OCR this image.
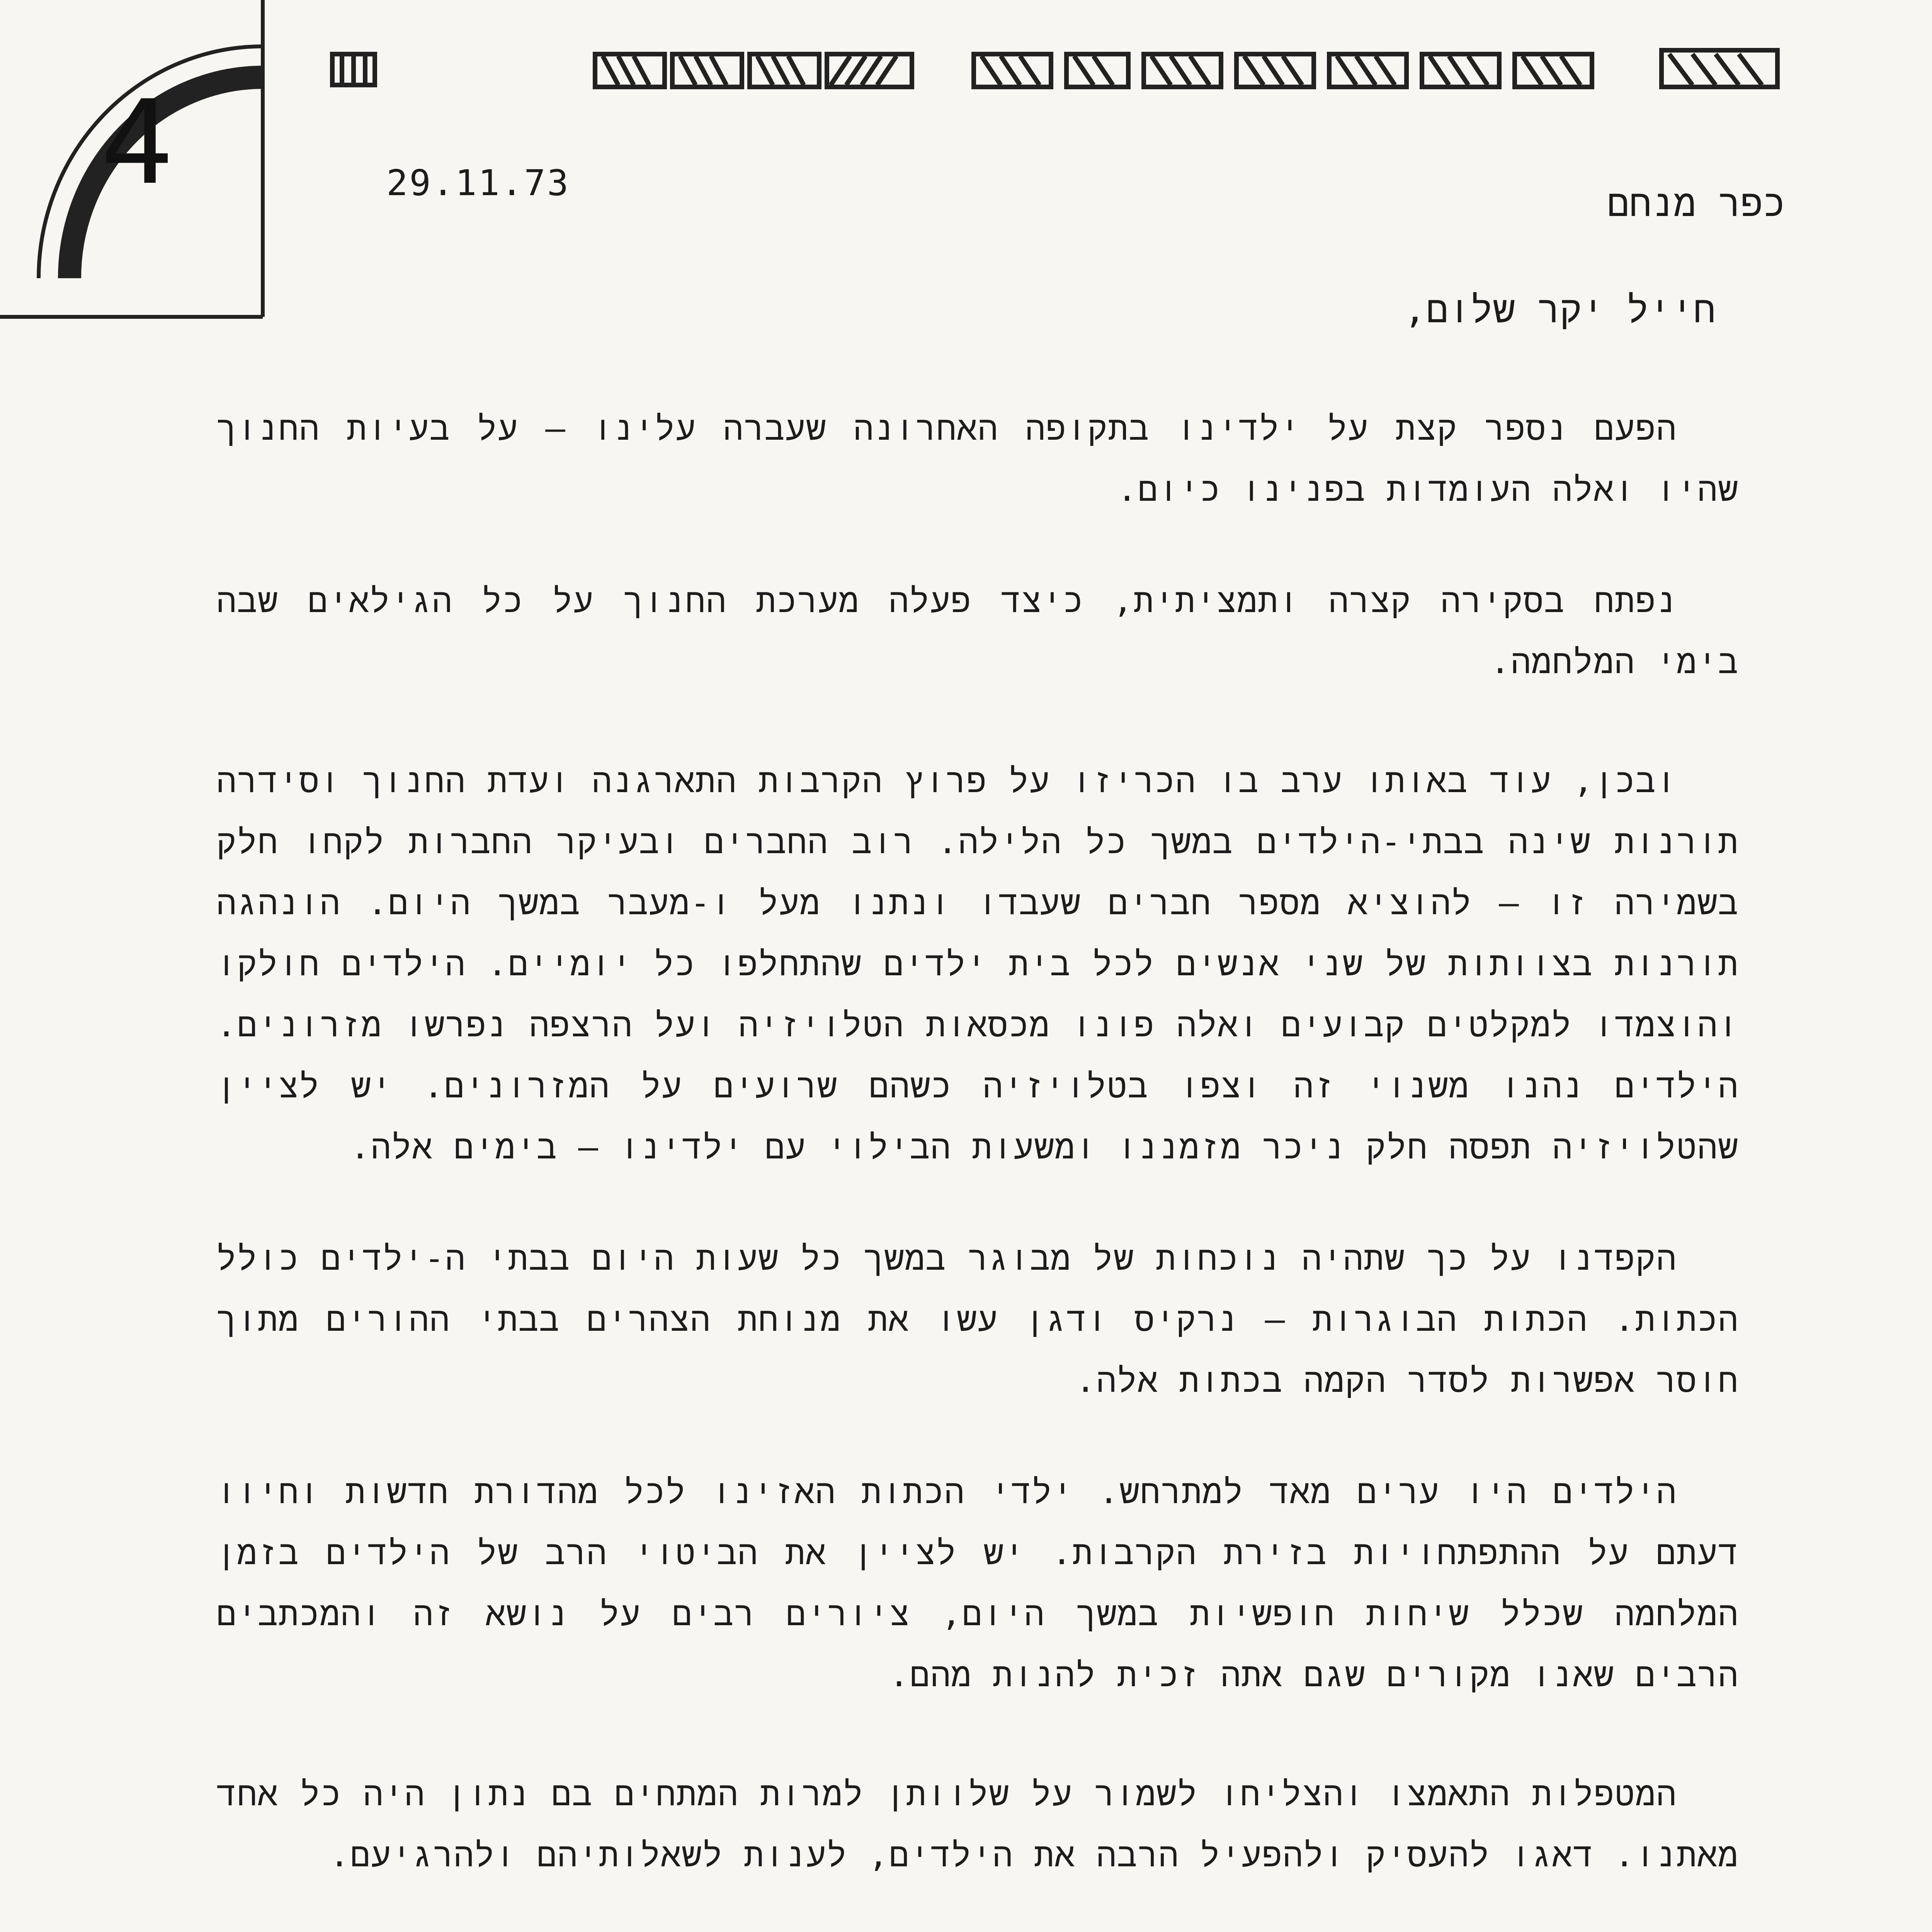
4	29.11.73	כפר מנחם
חייל יקר שלום,

הפעם נספר קצת על ילדינו בתקופה האחרונה שעברה עלינו – על בעיות החנוך שהיו ואלה העומדות בפנינו כיום.

נפתח בסקירה קצרה ותמציתית, כיצד פעלה מערכת החנוך על כל הגילאים שבה בימי המלחמה.

ובכן, עוד באותו ערב בו הכריזו על פרוץ הקרבות התארגנה ועדת החנוך וסידרה תורנות שינה בבתי-הילדים במשך כל הלילה. רוב החברים ובעיקר החברות לקחו חלק בשמירה זו – להוציא מספר חברים שעבדו ונתנו מעל ו-מעבר במשך היום. הונהגה תורנות בצוותות של שני אנשים לכל בית ילדים שהתחלפו כל יומיים. הילדים חולקו והוצמדו למקלטים קבועים ואלה פונו מכסאות הטלויזיה ועל הרצפה נפרשו מזרונים. הילדים נהנו משנוי זה וצפו בטלויזיה כשהם שרועים על המזרונים. יש לציין שהטלויזיה תפסה חלק ניכר מזמננו ומשעות הבילוי עם ילדינו – בימים אלה.

הקפדנו על כך שתהיה נוכחות של מבוגר במשך כל שעות היום בבתי ה-ילדים כולל הכתות. הכתות הבוגרות – נרקיס ודגן עשו את מנוחת הצהרים בבתי ההורים מתוך חוסר אפשרות לסדר הקמה בכתות אלה.

הילדים היו ערים מאד למתרחש. ילדי הכתות האזינו לכל מהדורת חדשות וחיוו דעתם על ההתפתחויות בזירת הקרבות. יש לציין את הביטוי הרב של הילדים בזמן המלחמה שכלל שיחות חופשיות במשך היום, ציורים רבים על נושא זה והמכתבים הרבים שאנו מקורים שגם אתה זכית להנות מהם.

המטפלות התאמצו והצליחו לשמור על שלוותן למרות המתחים בם נתון היה כל אחד מאתנו. דאגו להעסיק ולהפעיל הרבה את הילדים, לענות לשאלותיהם ולהרגיעם.
